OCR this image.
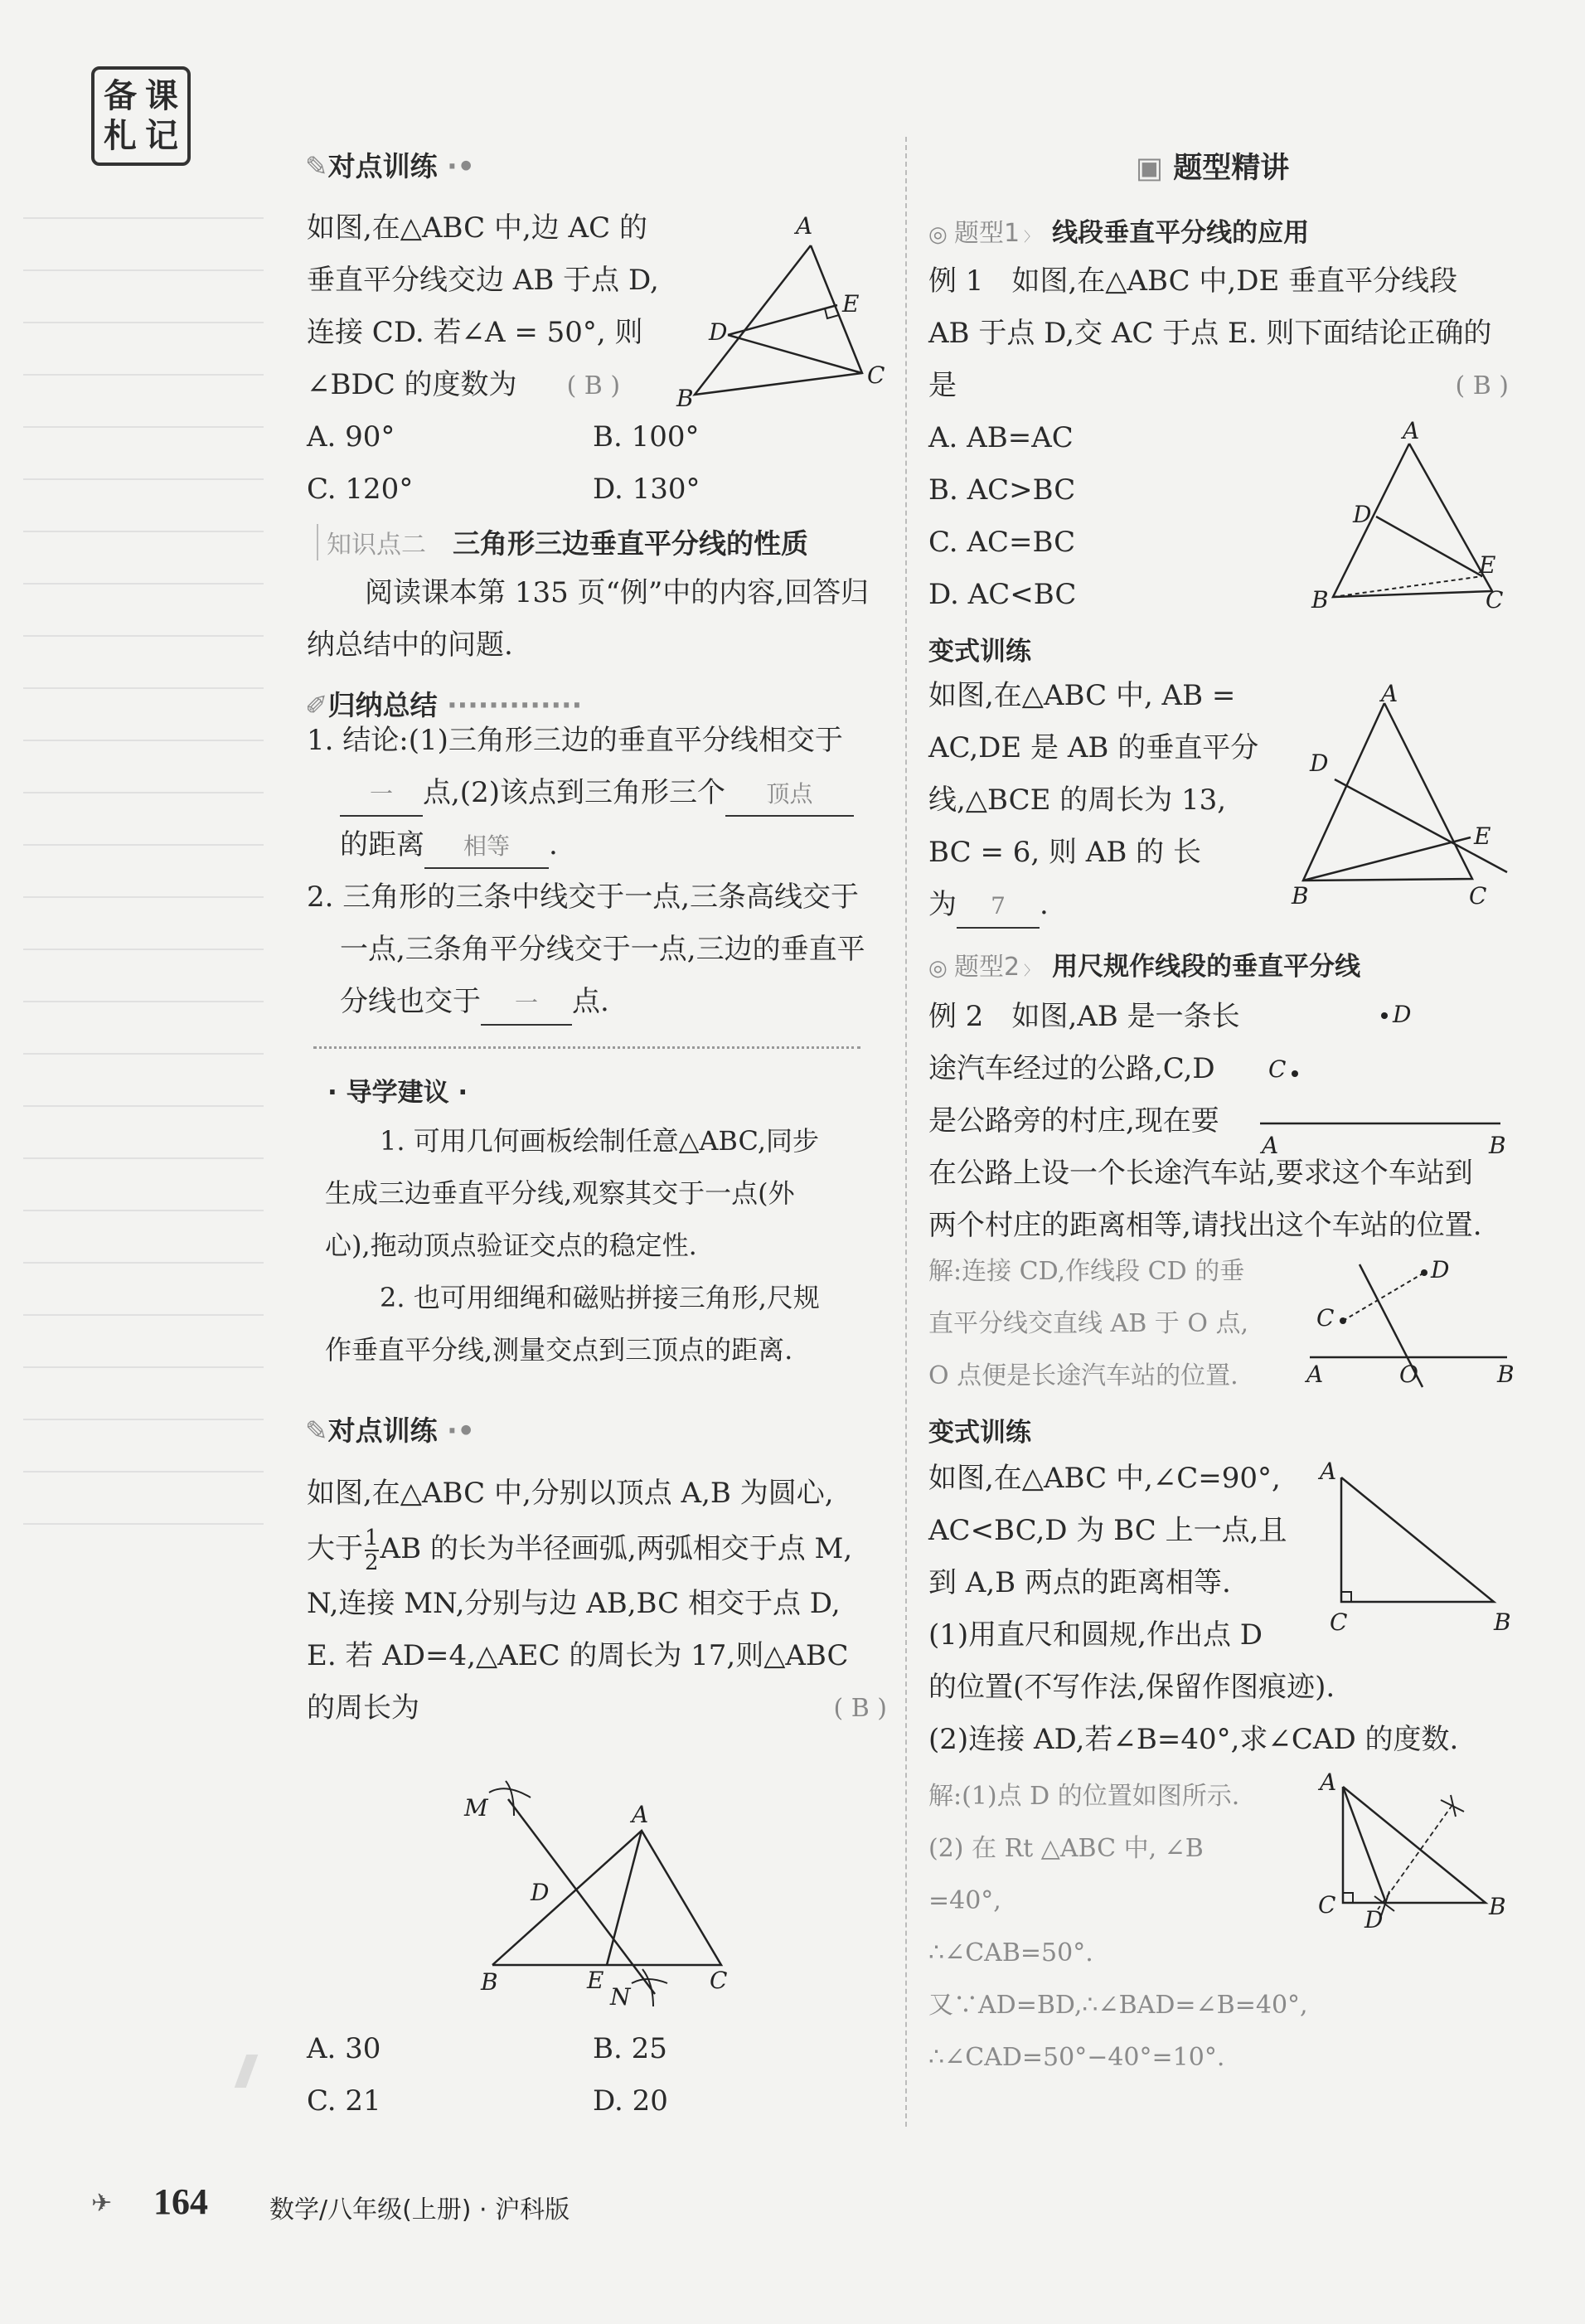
备 课
札 记
✎对点训练 ·•
如图,在△ABC 中,边 AC 的
垂直平分线交边 AB 于点 D,
连接 CD. 若∠A = 50°, 则
∠BDC 的度数为 ( B )
A. 90°	B. 100°
C. 120°	D. 130°
A
B
C
D
E
知识点二 三角形三边垂直平分线的性质
阅读课本第 135 页“例”中的内容,回答归
纳总结中的问题.
✐归纳总结 ·············
1. 结论:(1)三角形三边的垂直平分线相交于
一 点,(2)该点到三角形三个 顶点
的距离 相等 .
2. 三角形的三条中线交于一点,三条高线交于
一点,三条角平分线交于一点,三边的垂直平
分线也交于 一 点.
· 导学建议 ·
1. 可用几何画板绘制任意△ABC,同步
生成三边垂直平分线,观察其交于一点(外
心),拖动顶点验证交点的稳定性.
2. 也可用细绳和磁贴拼接三角形,尺规
作垂直平分线,测量交点到三顶点的距离.
✎对点训练 ·•
如图,在△ABC 中,分别以顶点 A,B 为圆心,
大于 $\frac{1}{2}$ AB 的长为半径画弧,两弧相交于点 M,
N,连接 MN,分别与边 AB,BC 相交于点 D,
E. 若 AD=4,△AEC 的周长为 17,则△ABC
的周长为	( B )
M	A
D
B	E	C
N
A. 30	B. 25
C. 21	D. 20
▣ 题型精讲
◎ 题型1 〉 线段垂直平分线的应用
例 1　如图,在△ABC 中,DE 垂直平分线段
AB 于点 D,交 AC 于点 E. 则下面结论正确的
是	( B )
A. AB=AC
B. AC>BC
C. AC=BC
D. AC<BC
A
D
E
B	C
变式训练
如图,在△ABC 中, AB =
AC,DE 是 AB 的垂直平分
线,△BCE 的周长为 13,
BC = 6, 则 AB 的 长
为 7 .
A
D
E
B	C
◎ 题型2 〉 用尺规作线段的垂直平分线
例 2　如图,AB 是一条长
途汽车经过的公路,C,D
是公路旁的村庄,现在要
在公路上设一个长途汽车站,要求这个车站到
两个村庄的距离相等,请找出这个车站的位置.
D
C
A	B
解:连接 CD,作线段 CD 的垂
直平分线交直线 AB 于 O 点,
O 点便是长途汽车站的位置.
D
C
A	O	B
变式训练
如图,在△ABC 中,∠C=90°,
AC<BC,D 为 BC 上一点,且
到 A,B 两点的距离相等.
(1)用直尺和圆规,作出点 D
的位置(不写作法,保留作图痕迹).
(2)连接 AD,若∠B=40°,求∠CAD 的度数.
A
C	B
解:(1)点 D 的位置如图所示.
(2) 在 Rt △ABC 中, ∠B
=40°,
∴∠CAB=50°.
又∵AD=BD,∴∠BAD=∠B=40°,
∴∠CAD=50°−40°=10°.
A
C
D	B
✈ 164 数学/八年级(上册) · 沪科版
